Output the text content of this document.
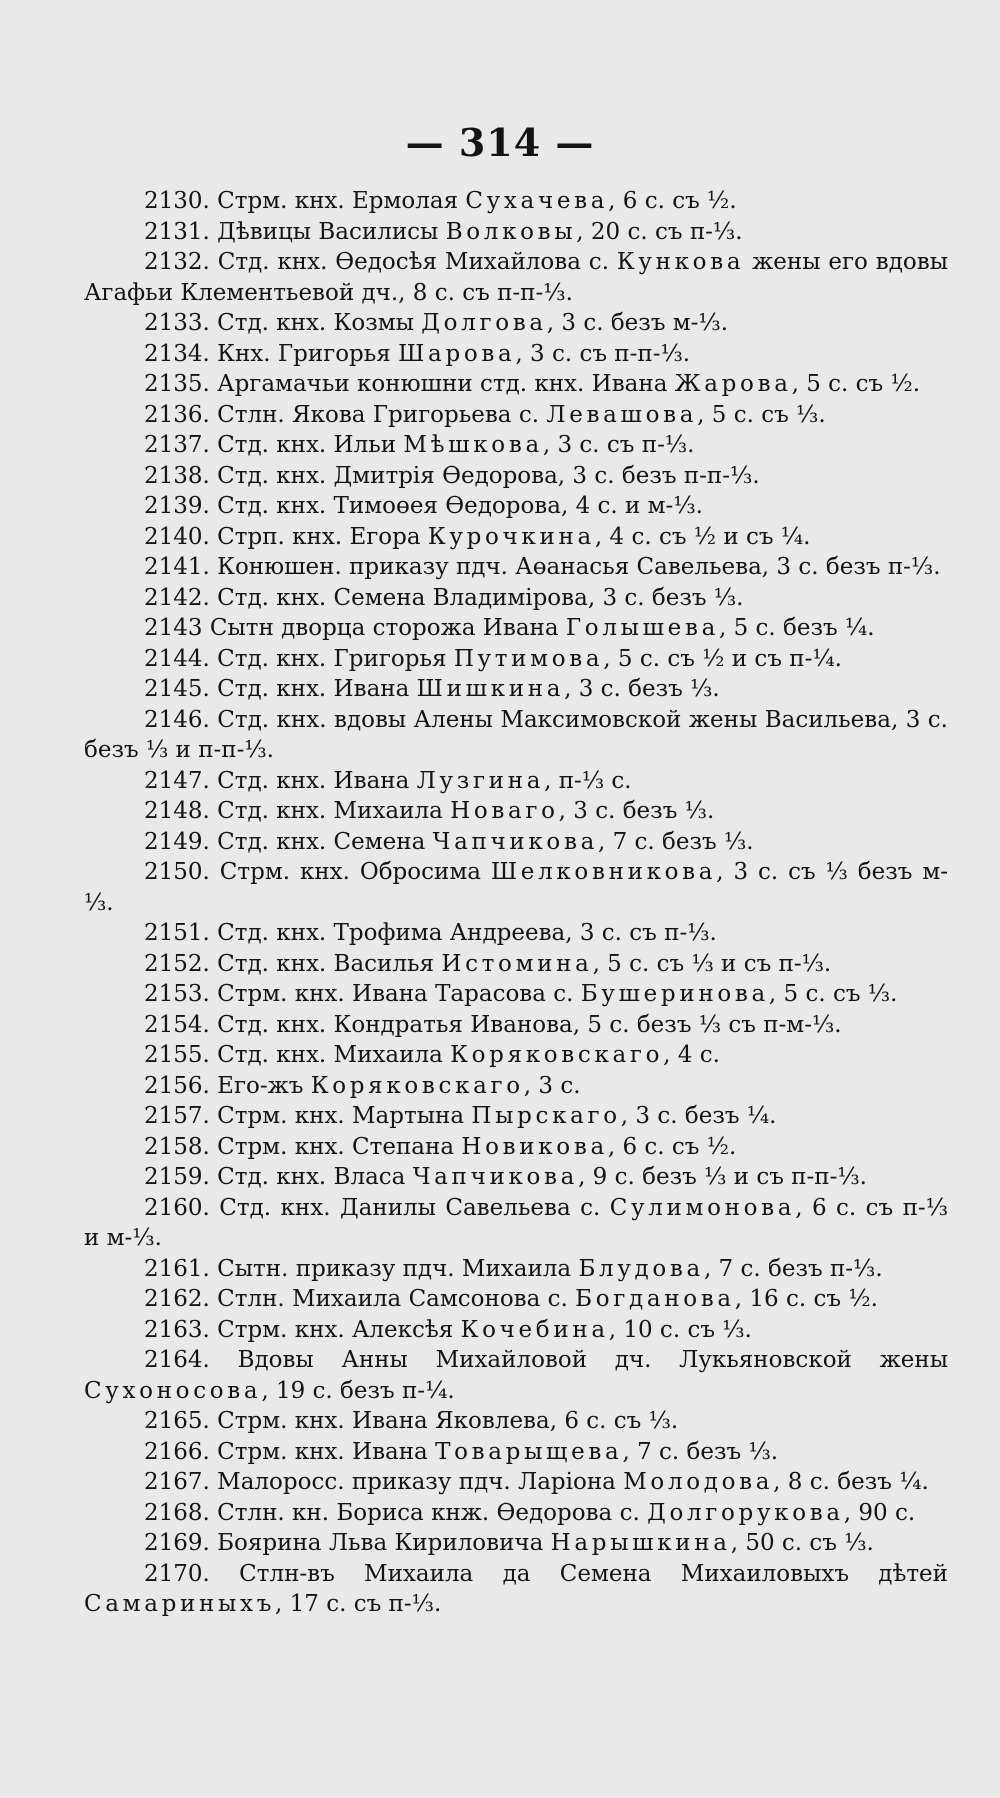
— 314 —

2130. Стрм. кнх. Ермолая Сухачева, 6 с. съ ½.

2131. Дѣвицы Василисы Волковы, 20 с. съ п-⅓.

2132. Стд. кнх. Өедосѣя Михайлова с. Кункова жены его вдовы Агафьи Клементьевой дч., 8 с. съ п-п-⅓.

2133. Стд. кнх. Козмы Долгова, 3 с. безъ м-⅓.

2134. Кнх. Григорья Шарова, 3 с. съ п-п-⅓.

2135. Аргамачьи конюшни стд. кнх. Ивана Жарова, 5 с. съ ½.

2136. Стлн. Якова Григорьева с. Левашова, 5 с. съ ⅓.

2137. Стд. кнх. Ильи Мѣшкова, 3 с. съ п-⅓.

2138. Стд. кнх. Дмитрія Өедорова, 3 с. безъ п-п-⅓.

2139. Стд. кнх. Тимоөея Өедорова, 4 с. и м-⅓.

2140. Стрп. кнх. Егора Курочкина, 4 с. съ ½ и съ ¼.

2141. Конюшен. приказу пдч. Аөанасья Савельева, 3 с. безъ п-⅓.

2142. Стд. кнх. Семена Владимірова, 3 с. безъ ⅓.

2143 Сытн дворца сторожа Ивана Голышева, 5 с. безъ ¼.

2144. Стд. кнх. Григорья Путимова, 5 с. съ ½ и съ п-¼.

2145. Стд. кнх. Ивана Шишкина, 3 с. безъ ⅓.

2146. Стд. кнх. вдовы Алены Максимовской жены Васильева, 3 с. безъ ⅓ и п-п-⅓.

2147. Стд. кнх. Ивана Лузгина, п-⅓ с.

2148. Стд. кнх. Михаила Новаго, 3 с. безъ ⅓.

2149. Стд. кнх. Семена Чапчикова, 7 с. безъ ⅓.

2150. Стрм. кнх. Обросима Шелковникова, 3 с. съ ⅓ безъ м-⅓.

2151. Стд. кнх. Трофима Андреева, 3 с. съ п-⅓.

2152. Стд. кнх. Василья Истомина, 5 с. съ ⅓ и съ п-⅓.

2153. Стрм. кнх. Ивана Тарасова с. Бушеринова, 5 с. съ ⅓.

2154. Стд. кнх. Кондратья Иванова, 5 с. безъ ⅓ съ п-м-⅓.

2155. Стд. кнх. Михаила Коряковскаго, 4 с.

2156. Его-жъ Коряковскаго, 3 с.

2157. Стрм. кнх. Мартына Пырскаго, 3 с. безъ ¼.

2158. Стрм. кнх. Степана Новикова, 6 с. съ ½.

2159. Стд. кнх. Власа Чапчикова, 9 с. безъ ⅓ и съ п-п-⅓.

2160. Стд. кнх. Данилы Савельева с. Сулимонова, 6 с. съ п-⅓ и м-⅓.

2161. Сытн. приказу пдч. Михаила Блудова, 7 с. безъ п-⅓.

2162. Стлн. Михаила Самсонова с. Богданова, 16 с. съ ½.

2163. Стрм. кнх. Алексѣя Кочебина, 10 с. съ ⅓.

2164. Вдовы Анны Михайловой дч. Лукьяновской жены Сухоносова, 19 с. безъ п-¼.

2165. Стрм. кнх. Ивана Яковлева, 6 с. съ ⅓.

2166. Стрм. кнх. Ивана Товарыщева, 7 с. безъ ⅓.

2167. Малоросс. приказу пдч. Ларіона Молодова, 8 с. безъ ¼.

2168. Стлн. кн. Бориса кнж. Өедорова с. Долгорукова, 90 с.

2169. Боярина Льва Кириловича Нарышкина, 50 с. съ ⅓.

2170. Стлн-въ Михаила да Семена Михаиловыхъ дѣтей Самариныхъ, 17 с. съ п-⅓.
